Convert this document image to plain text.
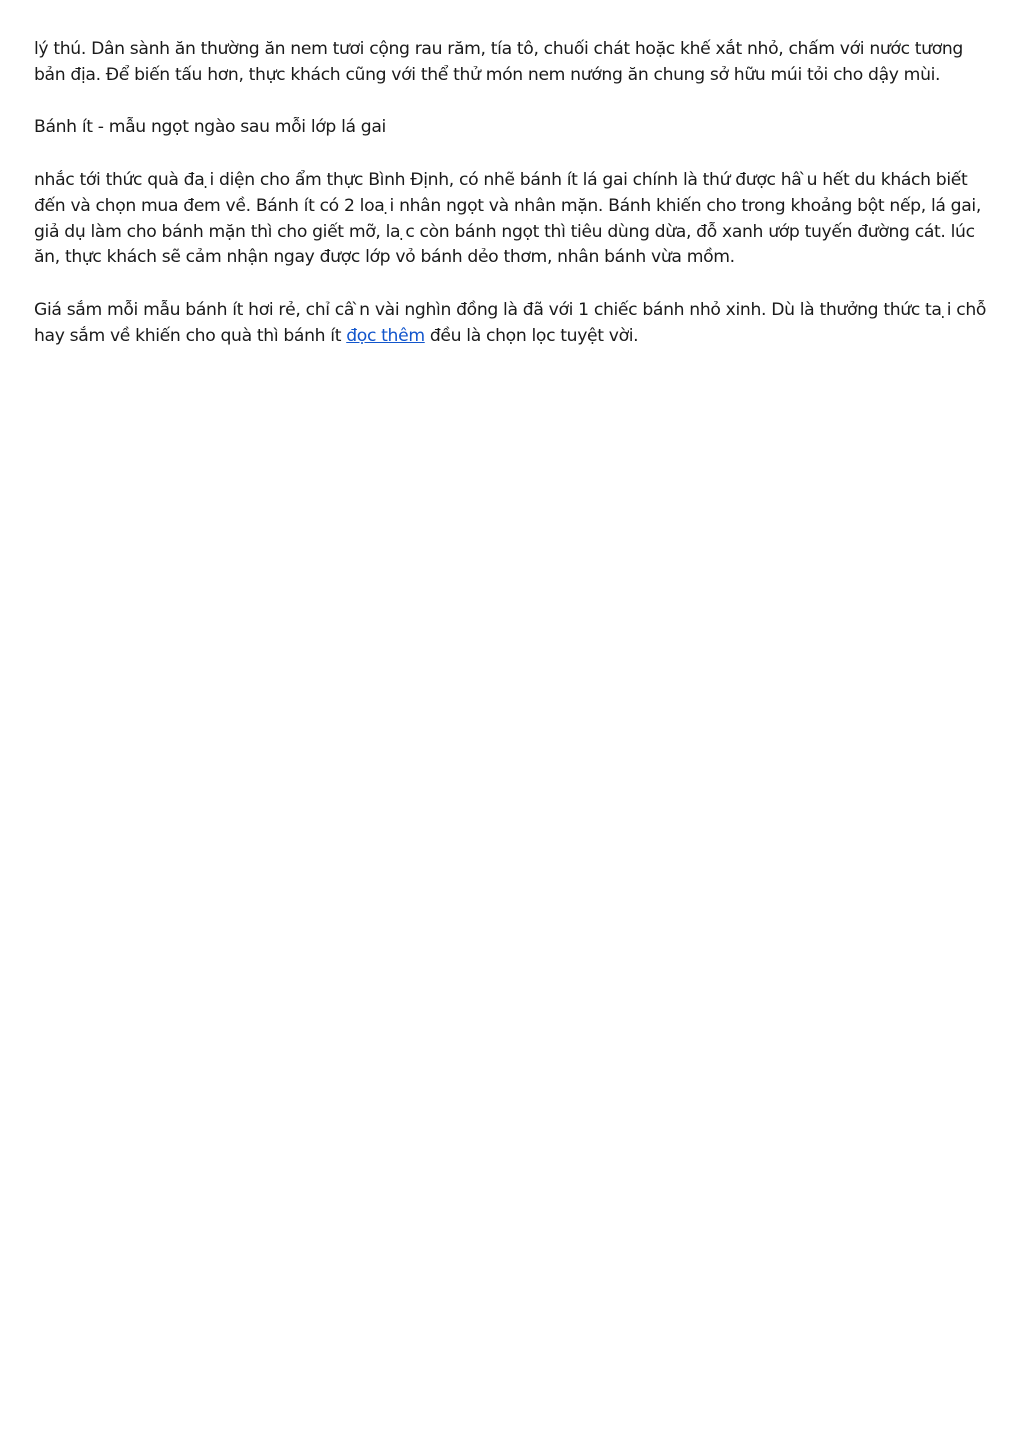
lý thú. Dân sành ăn thường ăn nem tươi cộng rau răm, tía tô, chuối chát hoặc khế xắt nhỏ, chấm với nước tương bản địa. Để biến tấu hơn, thực khách cũng với thể thử món nem nướng ăn chung sở hữu múi tỏi cho dậy mùi.

Bánh ít - mẫu ngọt ngào sau mỗi lớp lá gai

nhắc tới thức quà đa ̣i diện cho ẩm thực Bình Định, có nhẽ bánh ít lá gai chính là thứ được hâ ̀u hết du khách biết đến và chọn mua đem về. Bánh ít có 2 loa ̣i nhân ngọt và nhân mặn. Bánh khiến cho trong khoảng bột nếp, lá gai, giả dụ làm cho bánh mặn thì cho giết mỡ, la ̣c còn bánh ngọt thì tiêu dùng dừa, đỗ xanh ướp tuyến đường cát. lúc ăn, thực khách sẽ cảm nhận ngay được lớp vỏ bánh dẻo thơm, nhân bánh vừa mồm.

Giá sắm mỗi mẫu bánh ít hơi rẻ, chỉ câ ̀n vài nghìn đồng là đã với 1 chiếc bánh nhỏ xinh. Dù là thưởng thức ta ̣i chỗ hay sắm về khiến cho quà thì bánh ít đọc thêm đều là chọn lọc tuyệt vời.
